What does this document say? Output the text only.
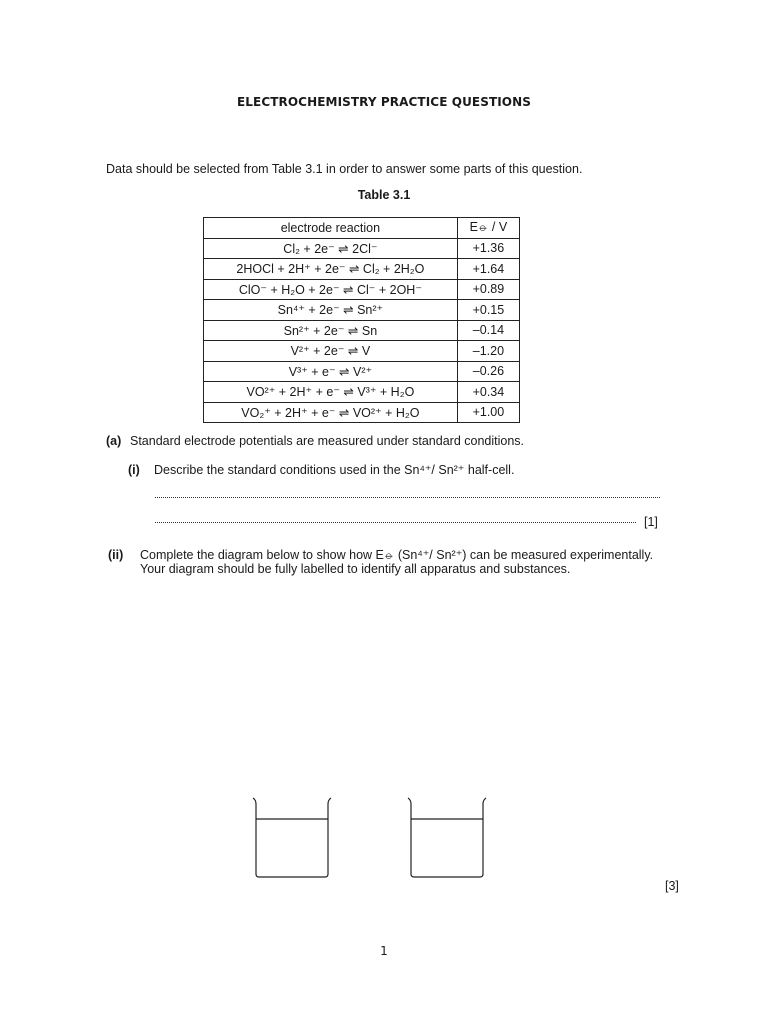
ELECTROCHEMISTRY PRACTICE QUESTIONS
Data should be selected from Table 3.1 in order to answer some parts of this question.
Table 3.1
electrode reaction	E⦵ / V
Cl₂ + 2e⁻ ⇌ 2Cl⁻	+1.36
2HOCl + 2H⁺ + 2e⁻ ⇌ Cl₂ + 2H₂O	+1.64
ClO⁻ + H₂O + 2e⁻ ⇌ Cl⁻ + 2OH⁻	+0.89
Sn⁴⁺ + 2e⁻ ⇌ Sn²⁺	+0.15
Sn²⁺ + 2e⁻ ⇌ Sn	–0.14
V²⁺ + 2e⁻ ⇌ V	–1.20
V³⁺ + e⁻ ⇌ V²⁺	–0.26
VO²⁺ + 2H⁺ + e⁻ ⇌ V³⁺ + H₂O	+0.34
VO₂⁺ + 2H⁺ + e⁻ ⇌ VO²⁺ + H₂O	+1.00
(a) Standard electrode potentials are measured under standard conditions.
(i) Describe the standard conditions used in the Sn⁴⁺/ Sn²⁺ half-cell.
[1]
(ii) Complete the diagram below to show how E⦵ (Sn⁴⁺/ Sn²⁺) can be measured experimentally.
Your diagram should be fully labelled to identify all apparatus and substances.
[3]
1
